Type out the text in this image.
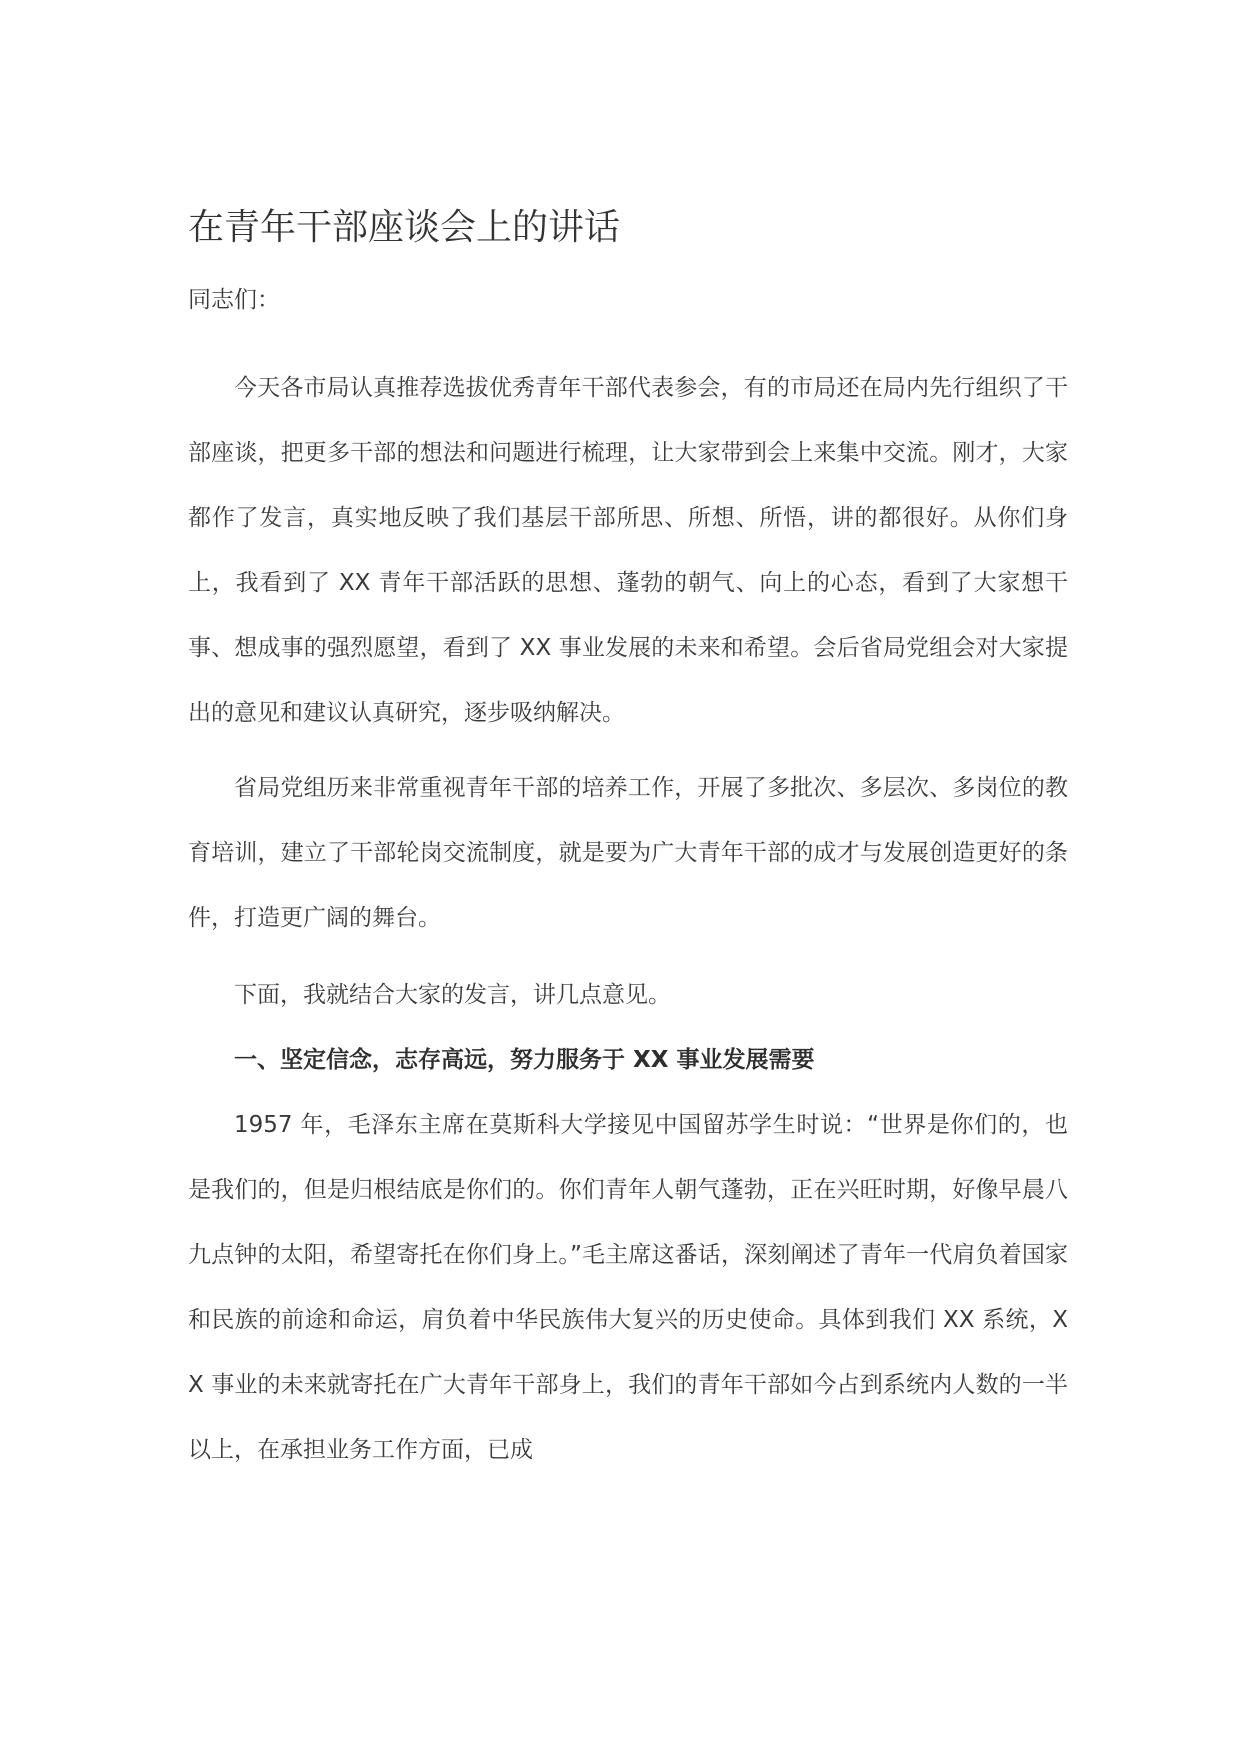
在青年干部座谈会上的讲话
同志们：

今天各市局认真推荐选拔优秀青年干部代表参会，有的市局还在局内先行组织了干部座谈，把更多干部的想法和问题进行梳理，让大家带到会上来集中交流。刚才，大家都作了发言，真实地反映了我们基层干部所思、所想、所悟，讲的都很好。从你们身上，我看到了 XX 青年干部活跃的思想、蓬勃的朝气、向上的心态，看到了大家想干事、想成事的强烈愿望，看到了 XX 事业发展的未来和希望。会后省局党组会对大家提出的意见和建议认真研究，逐步吸纳解决。

省局党组历来非常重视青年干部的培养工作，开展了多批次、多层次、多岗位的教育培训，建立了干部轮岗交流制度，就是要为广大青年干部的成才与发展创造更好的条件，打造更广阔的舞台。

下面，我就结合大家的发言，讲几点意见。

一、坚定信念，志存高远，努力服务于 XX 事业发展需要

1957 年，毛泽东主席在莫斯科大学接见中国留苏学生时说：“世界是你们的，也是我们的，但是归根结底是你们的。你们青年人朝气蓬勃，正在兴旺时期，好像早晨八九点钟的太阳，希望寄托在你们身上。”毛主席这番话，深刻阐述了青年一代肩负着国家和民族的前途和命运，肩负着中华民族伟大复兴的历史使命。具体到我们 XX 系统，XX 事业的未来就寄托在广大青年干部身上，我们的青年干部如今占到系统内人数的一半以上，在承担业务工作方面，已成
